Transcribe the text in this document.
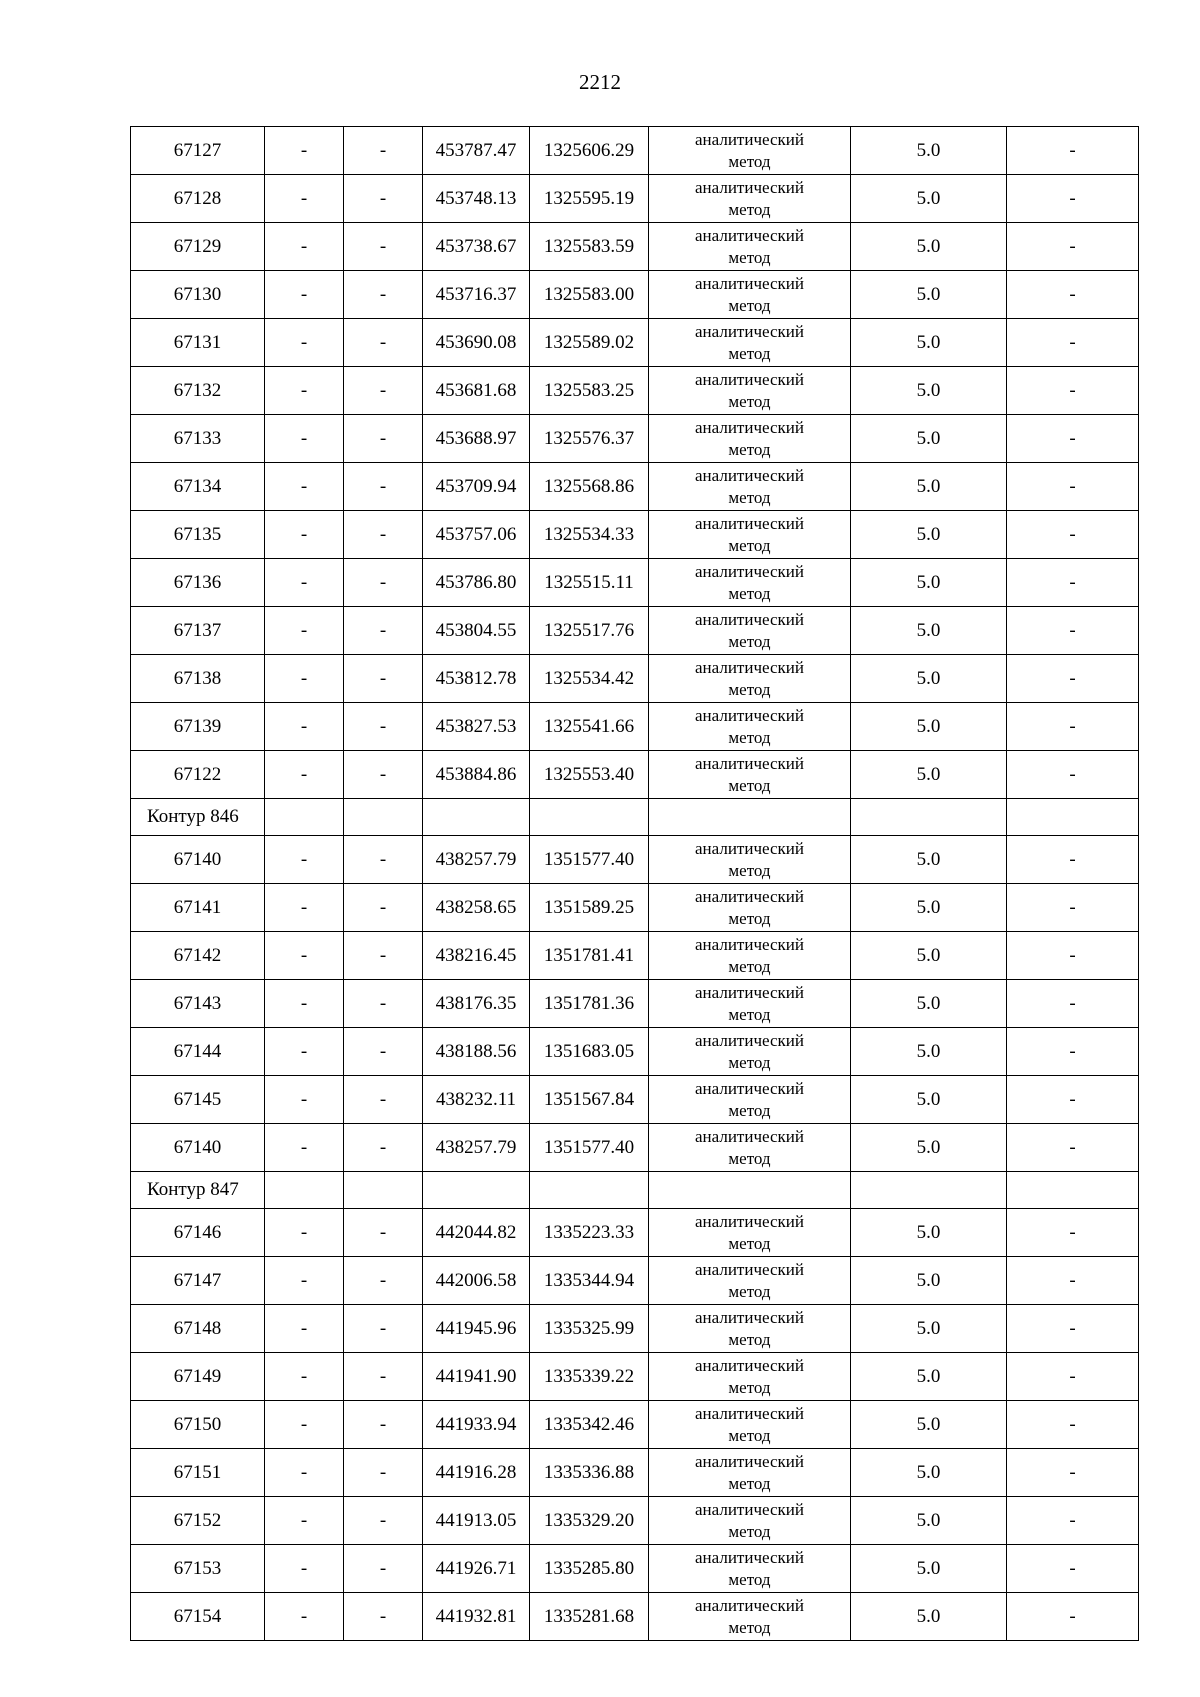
2212
67127	-	-	453787.47	1325606.29	аналитический
метод	5.0	-
67128	-	-	453748.13	1325595.19	аналитический
метод	5.0	-
67129	-	-	453738.67	1325583.59	аналитический
метод	5.0	-
67130	-	-	453716.37	1325583.00	аналитический
метод	5.0	-
67131	-	-	453690.08	1325589.02	аналитический
метод	5.0	-
67132	-	-	453681.68	1325583.25	аналитический
метод	5.0	-
67133	-	-	453688.97	1325576.37	аналитический
метод	5.0	-
67134	-	-	453709.94	1325568.86	аналитический
метод	5.0	-
67135	-	-	453757.06	1325534.33	аналитический
метод	5.0	-
67136	-	-	453786.80	1325515.11	аналитический
метод	5.0	-
67137	-	-	453804.55	1325517.76	аналитический
метод	5.0	-
67138	-	-	453812.78	1325534.42	аналитический
метод	5.0	-
67139	-	-	453827.53	1325541.66	аналитический
метод	5.0	-
67122	-	-	453884.86	1325553.40	аналитический
метод	5.0	-
Контур 846							
67140	-	-	438257.79	1351577.40	аналитический
метод	5.0	-
67141	-	-	438258.65	1351589.25	аналитический
метод	5.0	-
67142	-	-	438216.45	1351781.41	аналитический
метод	5.0	-
67143	-	-	438176.35	1351781.36	аналитический
метод	5.0	-
67144	-	-	438188.56	1351683.05	аналитический
метод	5.0	-
67145	-	-	438232.11	1351567.84	аналитический
метод	5.0	-
67140	-	-	438257.79	1351577.40	аналитический
метод	5.0	-
Контур 847							
67146	-	-	442044.82	1335223.33	аналитический
метод	5.0	-
67147	-	-	442006.58	1335344.94	аналитический
метод	5.0	-
67148	-	-	441945.96	1335325.99	аналитический
метод	5.0	-
67149	-	-	441941.90	1335339.22	аналитический
метод	5.0	-
67150	-	-	441933.94	1335342.46	аналитический
метод	5.0	-
67151	-	-	441916.28	1335336.88	аналитический
метод	5.0	-
67152	-	-	441913.05	1335329.20	аналитический
метод	5.0	-
67153	-	-	441926.71	1335285.80	аналитический
метод	5.0	-
67154	-	-	441932.81	1335281.68	аналитический
метод	5.0	-
